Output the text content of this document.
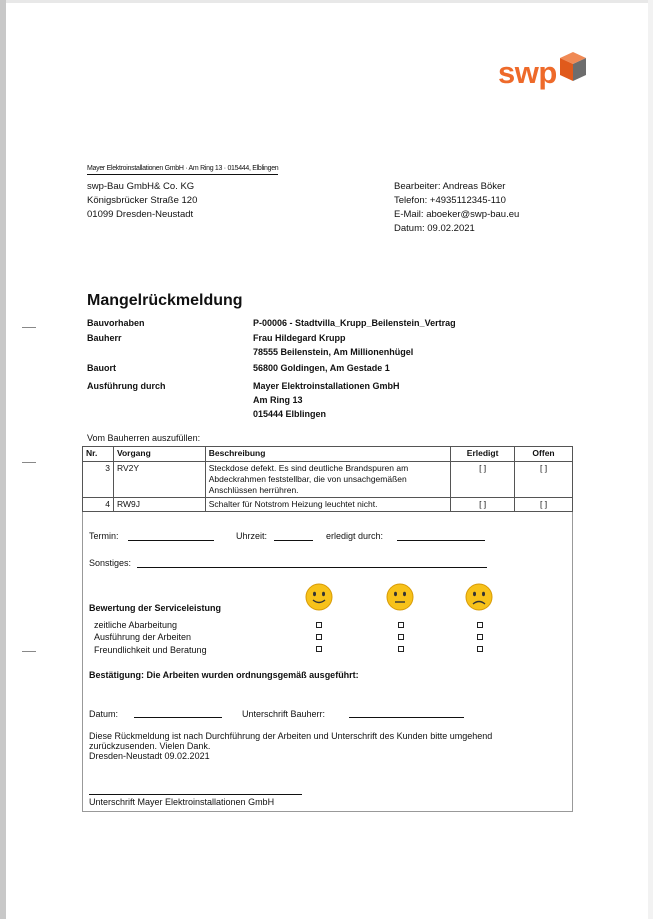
swp
Mayer Elektroinstallationen GmbH · Am Ring 13 · 015444, Elblingen
swp-Bau GmbH& Co. KG
Königsbrücker Straße 120
01099 Dresden-Neustadt
Bearbeiter: Andreas Böker
Telefon: +4935112345-110
E-Mail: aboeker@swp-bau.eu
Datum: 09.02.2021
Mangelrückmeldung
Bauvorhaben	P-00006 - Stadtvilla_Krupp_Beilenstein_Vertrag
Bauherr	Frau Hildegard Krupp
78555 Beilenstein, Am Millionenhügel
Bauort	56800 Goldingen, Am Gestade 1
Ausführung durch	Mayer Elektroinstallationen GmbH
Am Ring 13
015444 Elblingen
Vom Bauherren auszufüllen:
Nr.	Vorgang	Beschreibung	Erledigt	Offen
3	RV2Y	Steckdose defekt. Es sind deutliche Brandspuren am Abdeckrahmen feststellbar, die von unsachgemäßen Anschlüssen herrühren.	[ ]	[ ]
4	RW9J	Schalter für Notstrom Heizung leuchtet nicht.	[ ]	[ ]
Termin:	Uhrzeit:	erledigt durch:
Sonstiges:
Bewertung der Serviceleistung
zeitliche Abarbeitung
Ausführung der Arbeiten
Freundlichkeit und Beratung
Bestätigung: Die Arbeiten wurden ordnungsgemäß ausgeführt:
Datum:	Unterschrift Bauherr:
Diese Rückmeldung ist nach Durchführung der Arbeiten und Unterschrift des Kunden bitte umgehend
zurückzusenden. Vielen Dank.
Dresden-Neustadt 09.02.2021
Unterschrift Mayer Elektroinstallationen GmbH
